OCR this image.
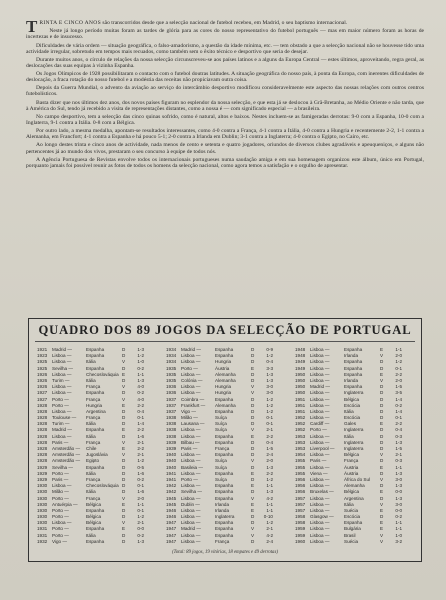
TRINTA E CINCO ANOS são transcorridos desde que a selecção nacional de futebol recebeu, em Madrid, o seu baptismo internacional.

Neste já longo período muitas foram as tardes de glória para as cores do nosso representativo do futebol português — mas em maior número foram as horas de incertezas e de insucesso.

Dificuldades de vária ordem — situação geográfica, o falso-amadorismo, a questão da idade mínima, etc. — tem obstado a que a selecção nacional não se houvesse tido uma actividade irregular, sobretudo em tempos mais recuados, como também sem o êxito técnico e desportivo que seria de desejar.

Durante muitos anos, o círculo de relações da nossa selecção circunscreveu-se aos países latinos e a alguns da Europa Central — estes últimos, aproveitando, regra geral, as deslocações das suas equipas à vizinha Espanha.

Os Jogos Olímpicos de 1928 possibilitaram o contacto com o futebol doutras latitudes. A situação geográfica do nosso país, à ponta da Europa, com inerentes dificuldades de deslocação, a fraca rotação do nosso futebol e a modéstia das receitas não propiciavam outra coisa.

Depois da Guerra Mundial, o advento da aviação ao serviço do intercâmbio desportivo modificou consideravelmente este aspecto das nossas relações com outros centros futebolísticos.

Basta dizer que nos últimos dez anos, dos novos países figuram no esplendor da nossa selecção, e que esta já se deslocou à Grã-Bretanha, ao Médio Oriente e não tarda, que à América do Sul, tendo já recebido a visita de representações distantes, como a nossa é — com significado especial — a brasileira.

No campo desportivo, tem a selecção das cinco quinas sofrido, como é natural, altos e baixos. Nestes incluem-se as famigeradas derrotas: 9-0 com a Espanha, 10-0 com a Inglaterra, 9-1 contra a Itália. 0-8 com a Bélgica.

Por outro lado, a mesma medalha, apontam-se resultados interessantes, como 4-0 contra a França, 4-1 contra a Itália, 4-0 contra a Hungria e recentemente 2-2, 1-1 contra a Alemanha, em Francfort; 4-1 contra a Espanha e há pouco 5-1; 2-0 contra a Irlanda em Dublin; 3-1 contra a Inglaterra; 4-0 contra o Egipto, no Cairo, etc.

Ao longo destes trinta e cinco anos de actividade, nada menos de cento e setenta e quatro jogadores, oriundos de diversos clubes agradáveis e apeuqueniços, e alguns não pertencentes já ao mundo dos vivos, prestaram o seu concurso à equipe de todos nós.

A Agência Portuguesa de Revistas envolve todos os internacionais portugueses numa saudação amiga e em sua homenagem organizou este álbum, único em Portugal, porquanto jamais foi possível reunir as fotos de todos os homens da selecção nacional, como agora temos a satisfação e o orgulho de apresentar.

QUADRO DOS 89 JOGOS DA SELECÇÃO DE PORTUGAL
1921	Madrid —	Espanha	D	1-3
1923	Lisboa —	Espanha	D	1-2
1925	Lisboa —	Itália	V	1-0
1925	Sevilha —	Espanha	D	0-2
1926	Lisboa —	Checoslováquia E	1-1
1926	Turim —	Itália	D	1-3
1926	Lisboa —	França	V	4-0
1927	Lisboa —	Espanha	D	0-2
1927	Porto —	França	V	4-0
1928	Porto —	Hungria	E	2-2
1928	Lisboa —	Argentina	D	0-4
1928	Toulouse —	França	D	0-1
1928	Turim —	Itália	D	1-4
1928	Madrid —	Espanha	E	2-2
1928	Lisboa —	Itália	D	1-6
1928	Paris —	França	V	2-1
1928	Amsterdão —	Chile	E	2-2
1928	Amsterdão —	Jugoslávia	V	2-1
1928	Amsterdão —	Egipto	D	1-2
1929	Sevilha —	Espanha	D	0-5
1929	Porto —	Itália	D	1-6
1929	Paris —	França	D	0-2
1930	Lisboa —	Checoslováquia D	0-1
1930	Milão —	Itália	D	1-6
1930	Porto —	França	V	2-0
1930	Antuérpia —	Bélgica	E	1-1
1930	Porto —	Espanha	D	0-1
1930	Porto —	Bélgica	D	1-2
1930	Lisboa —	Bélgica	V	2-1
1931	Porto —	Espanha	E	0-0
1931	Porto —	Itália	D	0-2
1932	Vigo —	Espanha	D	1-3
1934	Madrid —	Espanha	D	0-9
1934	Lisboa —	Espanha	D	1-2
1934	Lisboa —	Hungria	D	0-4
1935	Porto —	Áustria	E	3-3
1935	Lisboa —	Alemanha	D	1-3
1935	Colónia —	Alemanha	D	1-3
1936	Lisboa —	Hungria	V	3-0
1936	Lisboa —	Hungria	V	3-0
1937	Coimbra —	Espanha	D	1-2
1937	Frankfurt —	Alemanha	D	1-2
1937	Vigo —	Espanha	D	1-2
1938	Milão —	Suíça	D	0-1
1938	Lausana —	Suíça	D	0-1
1938	Lisboa —	Suíça	V	2-1
1938	Lisboa —	Espanha	E	2-2
1939	Bilbau —	Espanha	D	0-4
1939	Paris —	França	D	1-5
1940	Lisboa —	Espanha	D	2-4
1940	Lisboa —	Suíça	V	2-0
1940	Basileia —	Suíça	D	1-3
1941	Lisboa —	Espanha	E	2-2
1941	Porto —	Suíça	D	1-2
1942	Lisboa —	Espanha	E	1-1
1942	Sevilha —	Espanha	D	1-3
1945	Lisboa —	Espanha	V	4-2
1945	Dublin —	Irlanda	E	1-1
1946	Lisboa —	Irlanda	E	1-1
1946	Lisboa —	Inglaterra	D	0-10
1947	Lisboa —	Espanha	D	1-2
1947	Madrid —	Espanha	V	2-1
1947	Lisboa —	Espanha	V	4-2
1947	Lisboa —	França	D	2-4
1948	Lisboa —	Espanha	E	1-1
1948	Lisboa —	Irlanda	V	2-0
1949	Lisboa —	Espanha	D	1-2
1949	Lisboa —	Espanha	D	0-1
1950	Lisboa —	Espanha	E	2-2
1950	Lisboa —	Irlanda	V	2-0
1950	Madrid —	Espanha	D	1-5
1950	Lisboa —	Inglaterra	D	3-5
1951	Lisboa —	Bélgica	D	1-4
1951	Lisboa —	Escócia	D	0-2
1951	Lisboa —	Itália	D	1-4
1952	Lisboa —	Escócia	D	0-1
1952	Cardiff —	Gales	E	2-2
1952	Porto —	Inglaterra	D	0-4
1953	Lisboa —	Itália	D	0-3
1953	Lisboa —	Inglaterra	D	1-3
1953	Liverpool —	Inglaterra	D	1-5
1954	Lisboa —	Bélgica	V	2-1
1955	Paris —	França	D	0-3
1955	Lisboa —	Áustria	E	1-1
1955	Viena —	Áustria	D	1-3
1956	Lisboa —	África do Sul	V	3-0
1956	Lisboa —	Alemanha	D	1-3
1956	Bruxelas —	Bélgica	E	0-0
1957	Lisboa —	Argentina	D	1-3
1957	Lisboa —	Itália	V	3-0
1957	Lisboa —	Suécia	E	0-0
1958	Glasgow —	Escócia	D	0-2
1958	Lisboa —	Espanha	E	1-1
1959	Lisboa —	Bulgária	E	1-1
1959	Lisboa —	Brasil	V	1-0
1960	Lisboa —	Suécia	V	3-2
(Total: 89 jogos, 19 vitórias, 18 empates e 49 derrotas)
